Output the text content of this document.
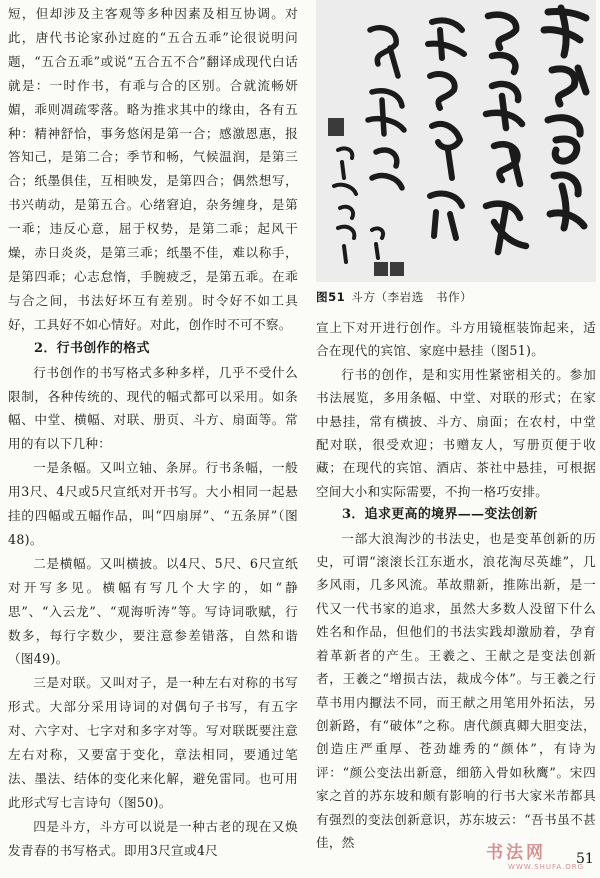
短，但却涉及主客观等多种因素及相互协调。对此，唐代书论家孙过庭的“五合五乖”论很说明问题，“五合五乖”或说“五合五不合”翻译成现代白话就是：一时作书，有乖与合的区别。合就流畅妍媚，乖则凋疏零落。略为推求其中的缘由，各有五种：精神舒恰，事务悠闲是第一合；感激恩惠，报答知己，是第二合；季节和畅，气候温润，是第三合；纸墨俱佳，互相映发，是第四合；偶然想写，书兴萌动，是第五合。心绪窘迫，杂务缠身，是第一乖；违反心意，屈于权势，是第二乖；起风干燥，赤日炎炎，是第三乖；纸墨不佳，难以称手，是第四乖；心志怠惰，手腕疲乏，是第五乖。在乖与合之间，书法好坏互有差别。时令好不如工具好，工具好不如心情好。对此，创作时不可不察。

2．行书创作的格式

行书创作的书写格式多种多样，几乎不受什么限制，各种传统的、现代的幅式都可以采用。如条幅、中堂、横幅、对联、册页、斗方、扇面等。常用的有以下几种：

一是条幅。又叫立轴、条屏。行书条幅，一般用3尺、4尺或5尺宣纸对开书写。大小相同一起悬挂的四幅或五幅作品，叫“四扇屏”、“五条屏”（图48)。

二是横幅。又叫横披。以4尺、5尺、6尺宣纸对开写多见。横幅有写几个大字的，如“静思”、“入云龙”、“观海听涛”等。写诗词歌赋，行数多，每行字数少，要注意参差错落，自然和谐（图49)。

三是对联。又叫对子，是一种左右对称的书写形式。大部分采用诗词的对偶句子书写，有五字对、六字对、七字对和多字对等。写对联既要注意左右对称，又要富于变化，章法相同，要通过笔法、墨法、结体的变化来化解，避免雷同。也可用此形式写七言诗句（图50)。

四是斗方，斗方可以说是一种古老的现在又焕发青春的书写格式。即用3尺宣或4尺

图51 斗方（李岩选　书作）

宣上下对开进行创作。斗方用镜框装饰起来，适合在现代的宾馆、家庭中悬挂（图51)。

行书的创作，是和实用性紧密相关的。参加书法展览，多用条幅、中堂、对联的形式；在家中悬挂，常有横披、斗方、扇面；在农村，中堂配对联，很受欢迎；书赠友人，写册页便于收藏；在现代的宾馆、酒店、茶社中悬挂，可根据空间大小和实际需要，不拘一格巧安排。

3．追求更高的境界——变法创新

一部大浪淘沙的书法史，也是变革创新的历史，可谓“滚滚长江东逝水，浪花淘尽英雄”，几多风雨，几多风流。革故鼎新，推陈出新，是一代又一代书家的追求，虽然大多数人没留下什么姓名和作品，但他们的书法实践却激励着，孕育着革新者的产生。王羲之、王献之是变法创新者，王羲之“增损古法，裁成今体”。与王羲之行草书用内擫法不同，而王献之用笔用外拓法，另创新路，有“破体”之称。唐代颜真卿大胆变法，创造庄严重厚、苍劲雄秀的“颜体”，有诗为评：“颜公变法出新意，细筋入骨如秋鹰”。宋四家之首的苏东坡和颇有影响的行书大家米芾都具有强烈的变法创新意识，苏东坡云：“吾书虽不甚佳，然

书法网
WWW.SHUFA.ORG
51
